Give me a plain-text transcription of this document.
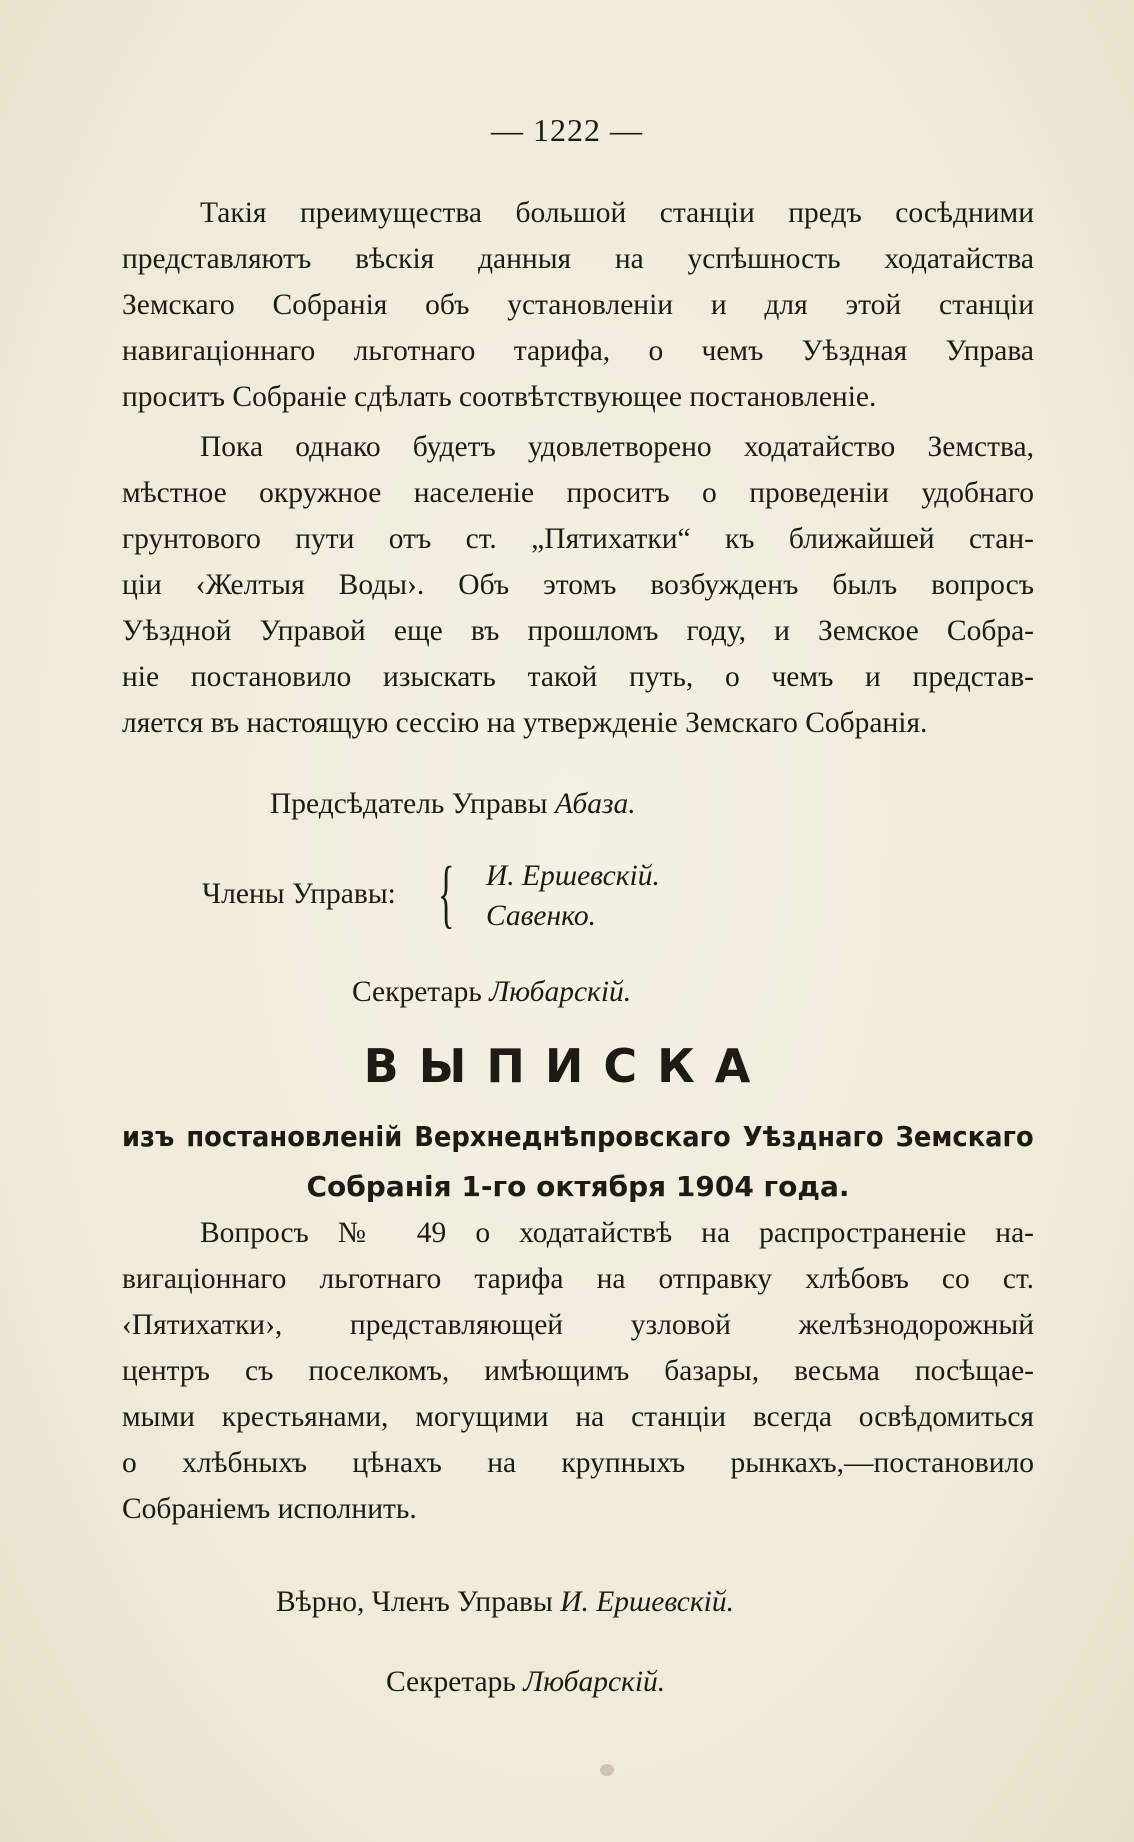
— 1222 —
Такія преимущества большой станціи предъ сосѣдними
представляютъ вѣскія данныя на успѣшность ходатайства
Земскаго Собранія объ установленіи и для этой станціи
навигаціоннаго льготнаго тарифа, о чемъ Уѣздная Управа
проситъ Собраніе сдѣлать соотвѣтствующее постановленіе.
Пока однако будетъ удовлетворено ходатайство Земства,
мѣстное окружное населеніе проситъ о проведеніи удобнаго
грунтового пути отъ ст. „Пятихатки“ къ ближайшей стан-
ціи ‹Желтыя Воды›. Объ этомъ возбужденъ былъ вопросъ
Уѣздной Управой еще въ прошломъ году, и Земское Собра-
ніе постановило изыскать такой путь, о чемъ и представ-
ляется въ настоящую сессію на утвержденіе Земскаго Собранія.
Предсѣдатель Управы Абаза.
Члены Управы: { И. Ершевскій.
Савенко.
Секретарь Любарскій.
ВЫПИСКА
изъ постановленій Верхнеднѣпровскаго Уѣзднаго Земскаго
Собранія 1-го октября 1904 года.
Вопросъ № 49 о ходатайствѣ на распространеніе на-
вигаціоннаго льготнаго тарифа на отправку хлѣбовъ со ст.
‹Пятихатки›, представляющей узловой желѣзнодорожный
центръ съ поселкомъ, имѣющимъ базары, весьма посѣщае-
мыми крестьянами, могущими на станціи всегда освѣдомиться
о хлѣбныхъ цѣнахъ на крупныхъ рынкахъ,—постановило
Собраніемъ исполнить.
Вѣрно, Членъ Управы И. Ершевскій.
Секретарь Любарскій.
